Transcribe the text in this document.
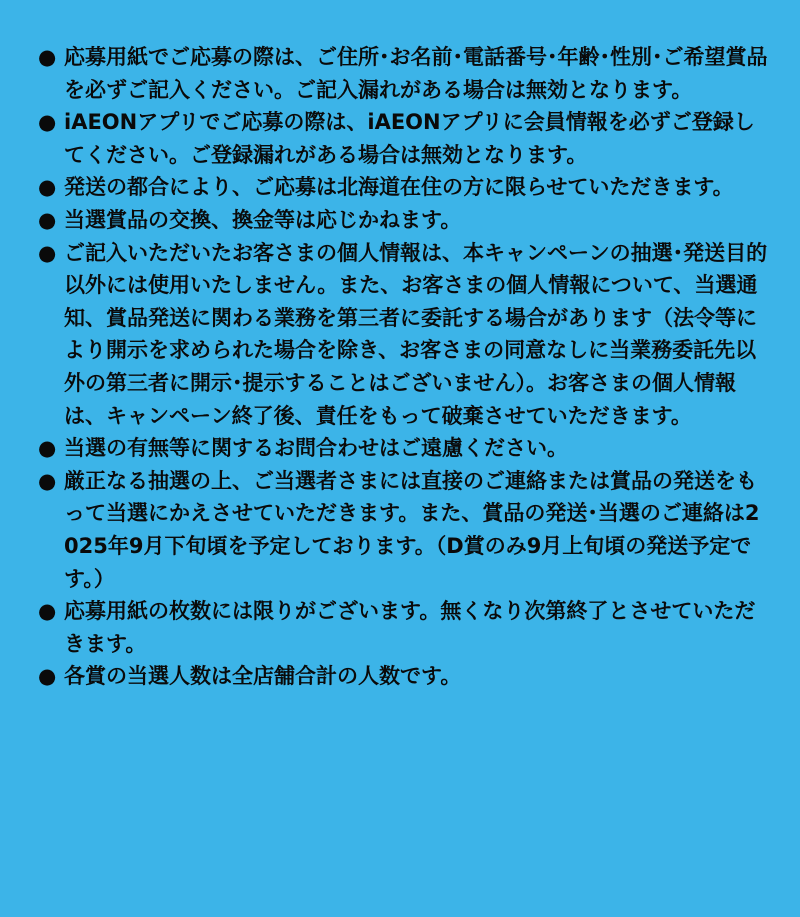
● 応募用紙でご応募の際は、ご住所･お名前･電話番号･年齢･性別･ご希望賞品を必ずご記入ください。ご記入漏れがある場合は無効となります。
● iAEONアプリでご応募の際は、iAEONアプリに会員情報を必ずご登録してください。ご登録漏れがある場合は無効となります。
● 発送の都合により、ご応募は北海道在住の方に限らせていただきます。
● 当選賞品の交換、換金等は応じかねます。
● ご記入いただいたお客さまの個人情報は、本キャンペーンの抽選･発送目的以外には使用いたしません。また、お客さまの個人情報について、当選通知、賞品発送に関わる業務を第三者に委託する場合があります（法令等により開示を求められた場合を除き、お客さまの同意なしに当業務委託先以外の第三者に開示･提示することはございません）。お客さまの個人情報は、キャンペーン終了後、責任をもって破棄させていただきます。
● 当選の有無等に関するお問合わせはご遠慮ください。
● 厳正なる抽選の上、ご当選者さまには直接のご連絡または賞品の発送をもって当選にかえさせていただきます。また、賞品の発送･当選のご連絡は2025年9月下旬頃を予定しております。（D賞のみ9月上旬頃の発送予定です。）
● 応募用紙の枚数には限りがございます。無くなり次第終了とさせていただきます。
● 各賞の当選人数は全店舗合計の人数です。
